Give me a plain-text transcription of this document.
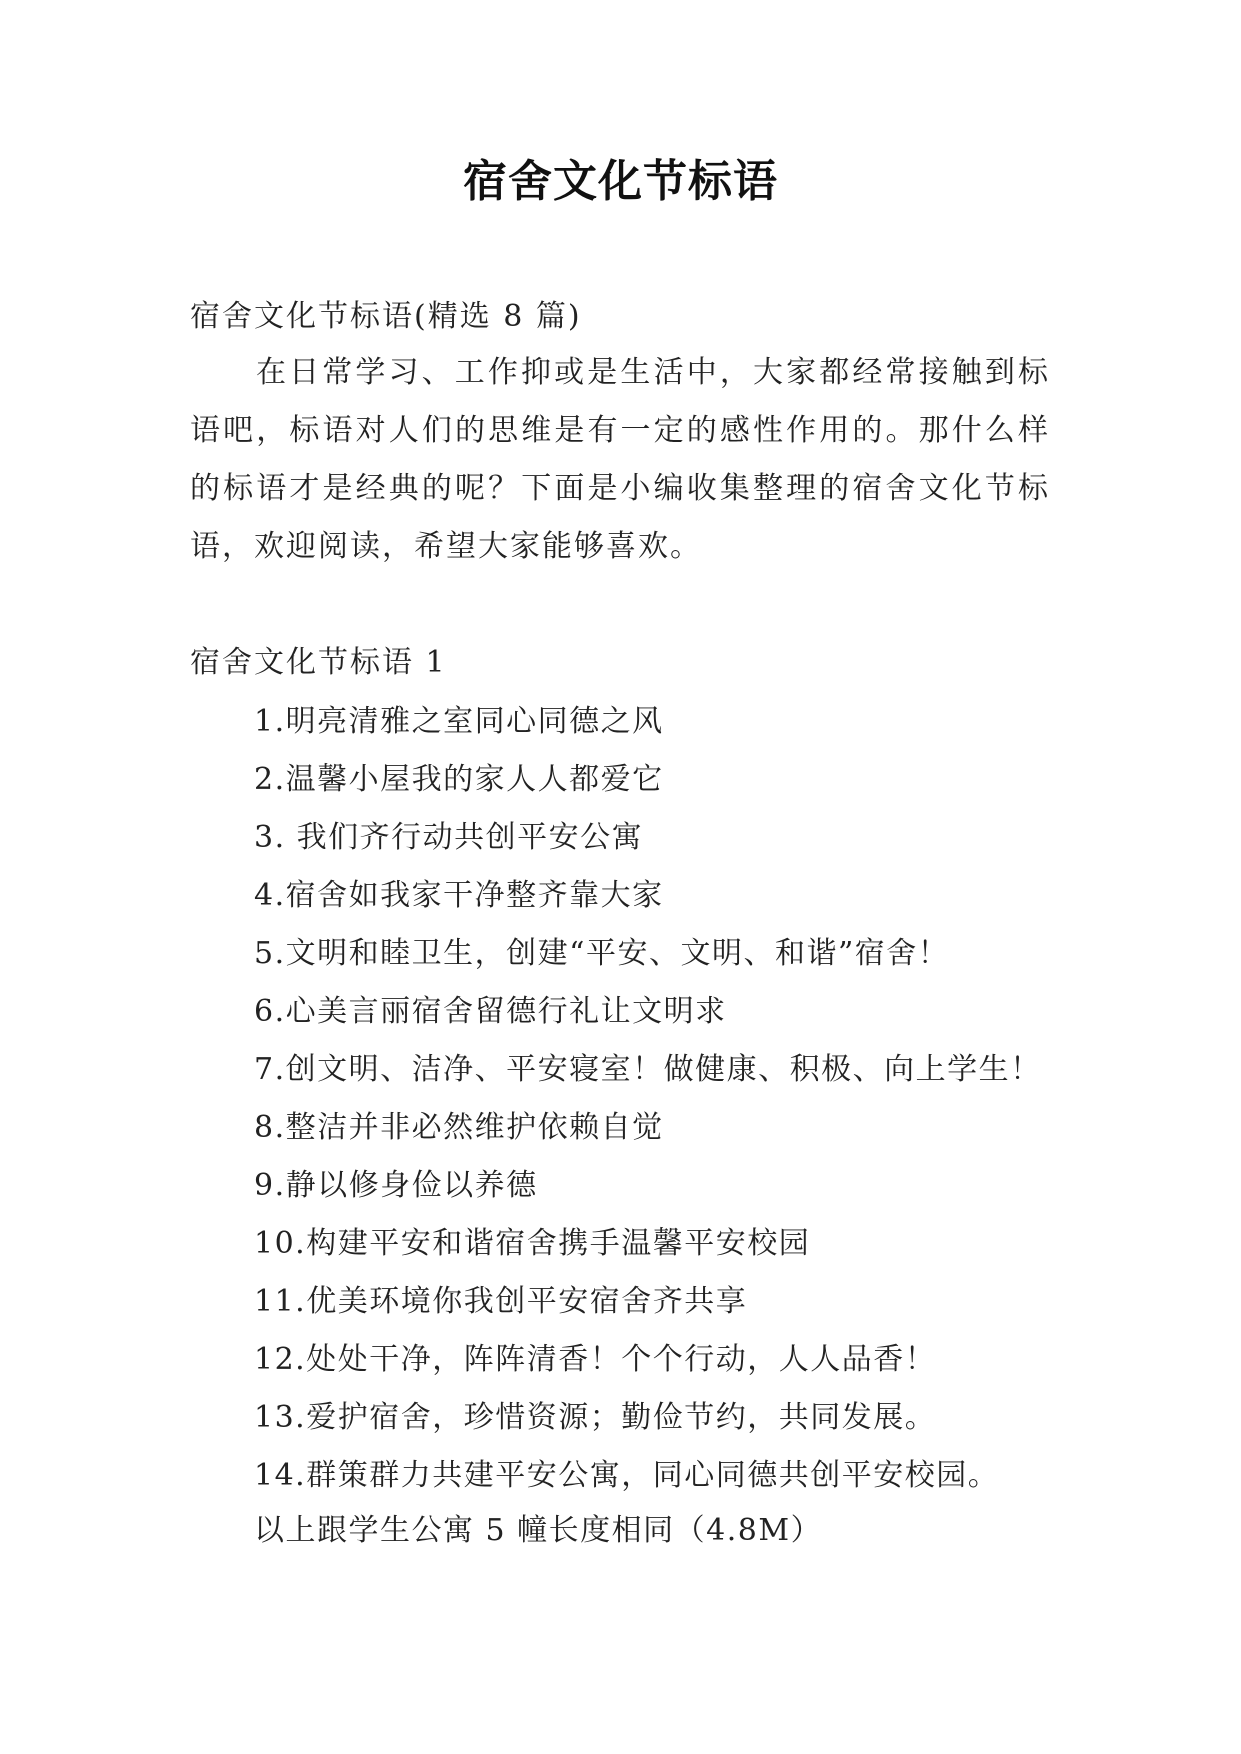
宿舍文化节标语
宿舍文化节标语(精选 8 篇)
在日常学习、工作抑或是生活中，大家都经常接触到标语吧，标语对人们的思维是有一定的感性作用的。那什么样的标语才是经典的呢？下面是小编收集整理的宿舍文化节标语，欢迎阅读，希望大家能够喜欢。
宿舍文化节标语 1
1.明亮清雅之室同心同德之风
2.温馨小屋我的家人人都爱它
3. 我们齐行动共创平安公寓
4.宿舍如我家干净整齐靠大家
5.文明和睦卫生，创建“平安、文明、和谐”宿舍！
6.心美言丽宿舍留德行礼让文明求
7.创文明、洁净、平安寝室！做健康、积极、向上学生！
8.整洁并非必然维护依赖自觉
9.静以修身俭以养德
10.构建平安和谐宿舍携手温馨平安校园
11.优美环境你我创平安宿舍齐共享
12.处处干净，阵阵清香！个个行动，人人品香！
13.爱护宿舍，珍惜资源；勤俭节约，共同发展。
14.群策群力共建平安公寓，同心同德共创平安校园。
以上跟学生公寓 5 幢长度相同（4.8M）
